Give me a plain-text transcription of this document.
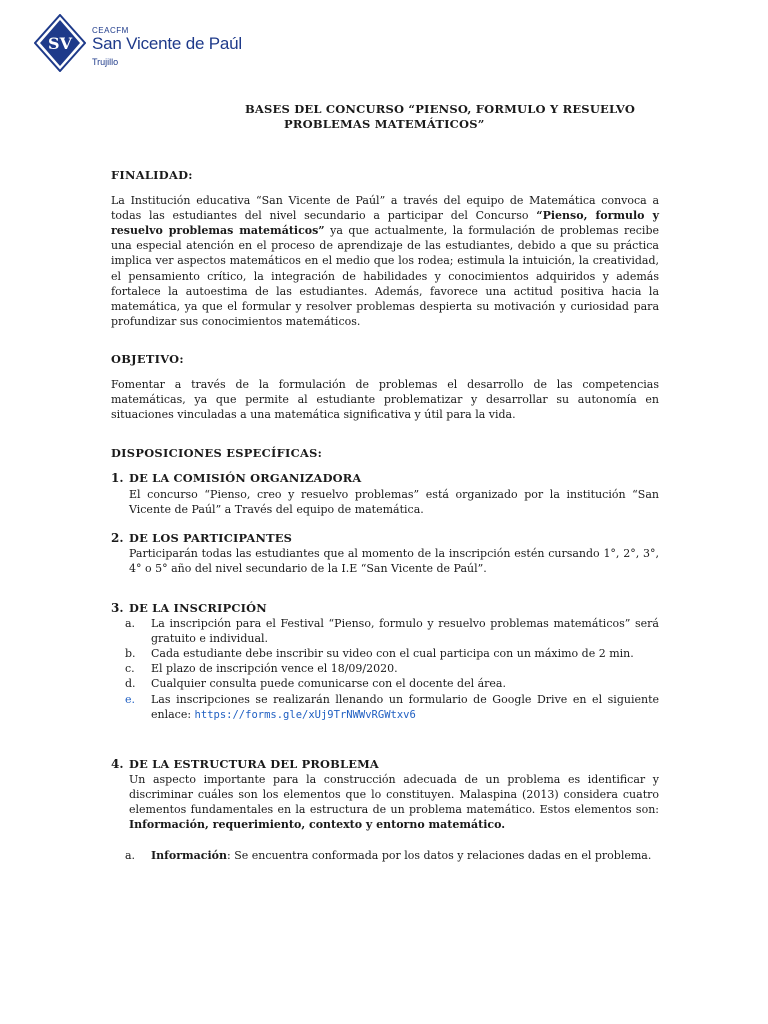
SV
CEACFM
San Vicente de Paúl
Trujillo
BASES DEL CONCURSO “PIENSO, FORMULO Y RESUELVO
PROBLEMAS MATEMÁTICOS”
FINALIDAD:

La Institución educativa “San Vicente de Paúl” a través del equipo de Matemática convoca a todas las estudiantes del nivel secundario a participar del Concurso “Pienso, formulo y resuelvo problemas matemáticos” ya que actualmente, la formulación de problemas recibe una especial atención en el proceso de aprendizaje de las estudiantes, debido a que su práctica implica ver aspectos matemáticos en el medio que los rodea; estimula la intuición, la creatividad, el pensamiento crítico, la integración de habilidades y conocimientos adquiridos y además fortalece la autoestima de las estudiantes. Además, favorece una actitud positiva hacia la matemática, ya que el formular y resolver problemas despierta su motivación y curiosidad para profundizar sus conocimientos matemáticos.

OBJETIVO:

Fomentar a través de la formulación de problemas el desarrollo de las competencias matemáticas, ya que permite al estudiante problematizar y desarrollar su autonomía en situaciones vinculadas a una matemática significativa y útil para la vida.

DISPOSICIONES ESPECÍFICAS:
1. DE LA COMISIÓN ORGANIZADORA

El concurso “Pienso, creo y resuelvo problemas” está organizado por la institución “San Vicente de Paúl” a Través del equipo de matemática.

2. DE LOS PARTICIPANTES

Participarán todas las estudiantes que al momento de la inscripción estén cursando 1°, 2°, 3°, 4° o 5° año del nivel secundario de la I.E “San Vicente de Paúl”.

3. DE LA INSCRIPCIÓN
a.	La inscripción para el Festival “Pienso, formulo y resuelvo problemas matemáticos” será gratuito e individual.
b.	Cada estudiante debe inscribir su video con el cual participa con un máximo de 2 min.
c.	El plazo de inscripción vence el 18/09/2020.
d.	Cualquier consulta puede comunicarse con el docente del área.
e.	Las inscripciones se realizarán llenando un formulario de Google Drive en el siguiente enlace: https://forms.gle/xUj9TrNWWvRGWtxv6
4. DE LA ESTRUCTURA DEL PROBLEMA

Un aspecto importante para la construcción adecuada de un problema es identificar y discriminar cuáles son los elementos que lo constituyen. Malaspina (2013) considera cuatro elementos fundamentales en la estructura de un problema matemático. Estos elementos son: Información, requerimiento, contexto y entorno matemático.

a.	Información: Se encuentra conformada por los datos y relaciones dadas en el problema.
